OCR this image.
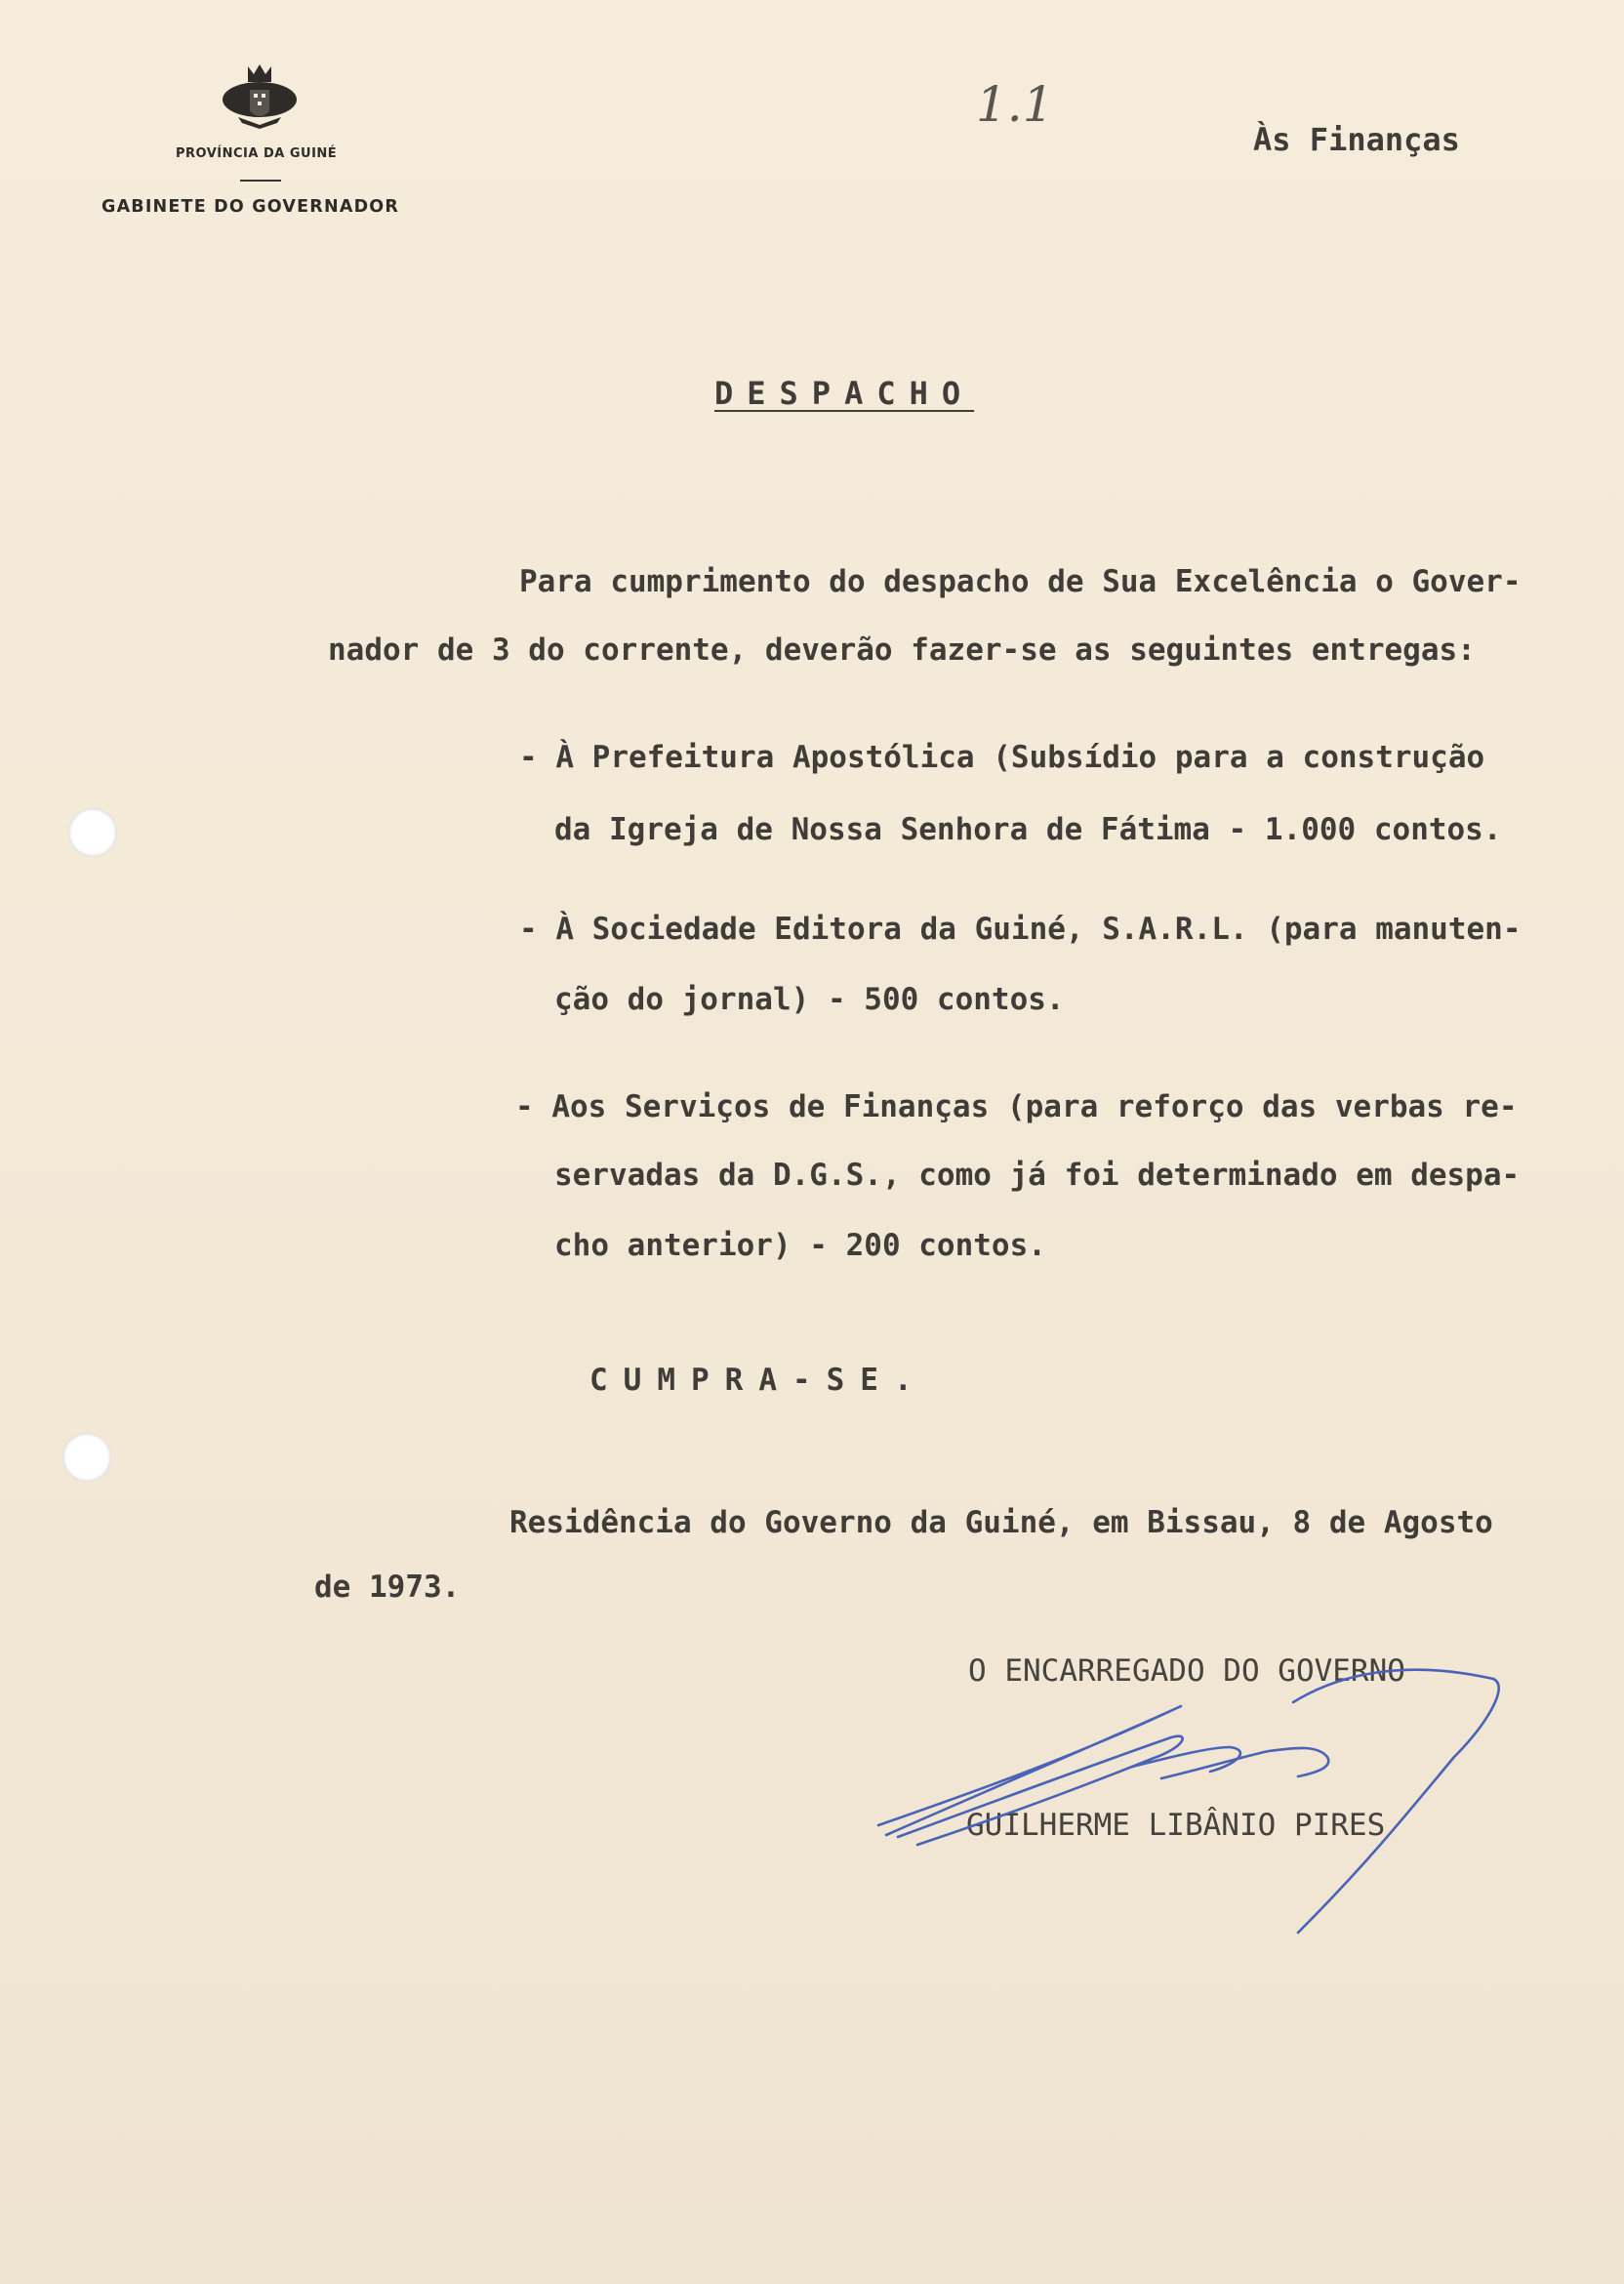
PROVÍNCIA DA GUINÉ
GABINETE DO GOVERNADOR
1.1
Às Finanças
DESPACHO
Para cumprimento do despacho de Sua Excelência o Gover-
nador de 3 do corrente, deverão fazer-se as seguintes entregas:
- À Prefeitura Apostólica (Subsídio para a construção
da Igreja de Nossa Senhora de Fátima - 1.000 contos.
- À Sociedade Editora da Guiné, S.A.R.L. (para manuten-
ção do jornal) - 500 contos.
- Aos Serviços de Finanças (para reforço das verbas re-
servadas da D.G.S., como já foi determinado em despa-
cho anterior) - 200 contos.
CUMPRA-SE.
Residência do Governo da Guiné, em Bissau, 8 de Agosto
de 1973.
O ENCARREGADO DO GOVERNO
GUILHERME LIBÂNIO PIRES
